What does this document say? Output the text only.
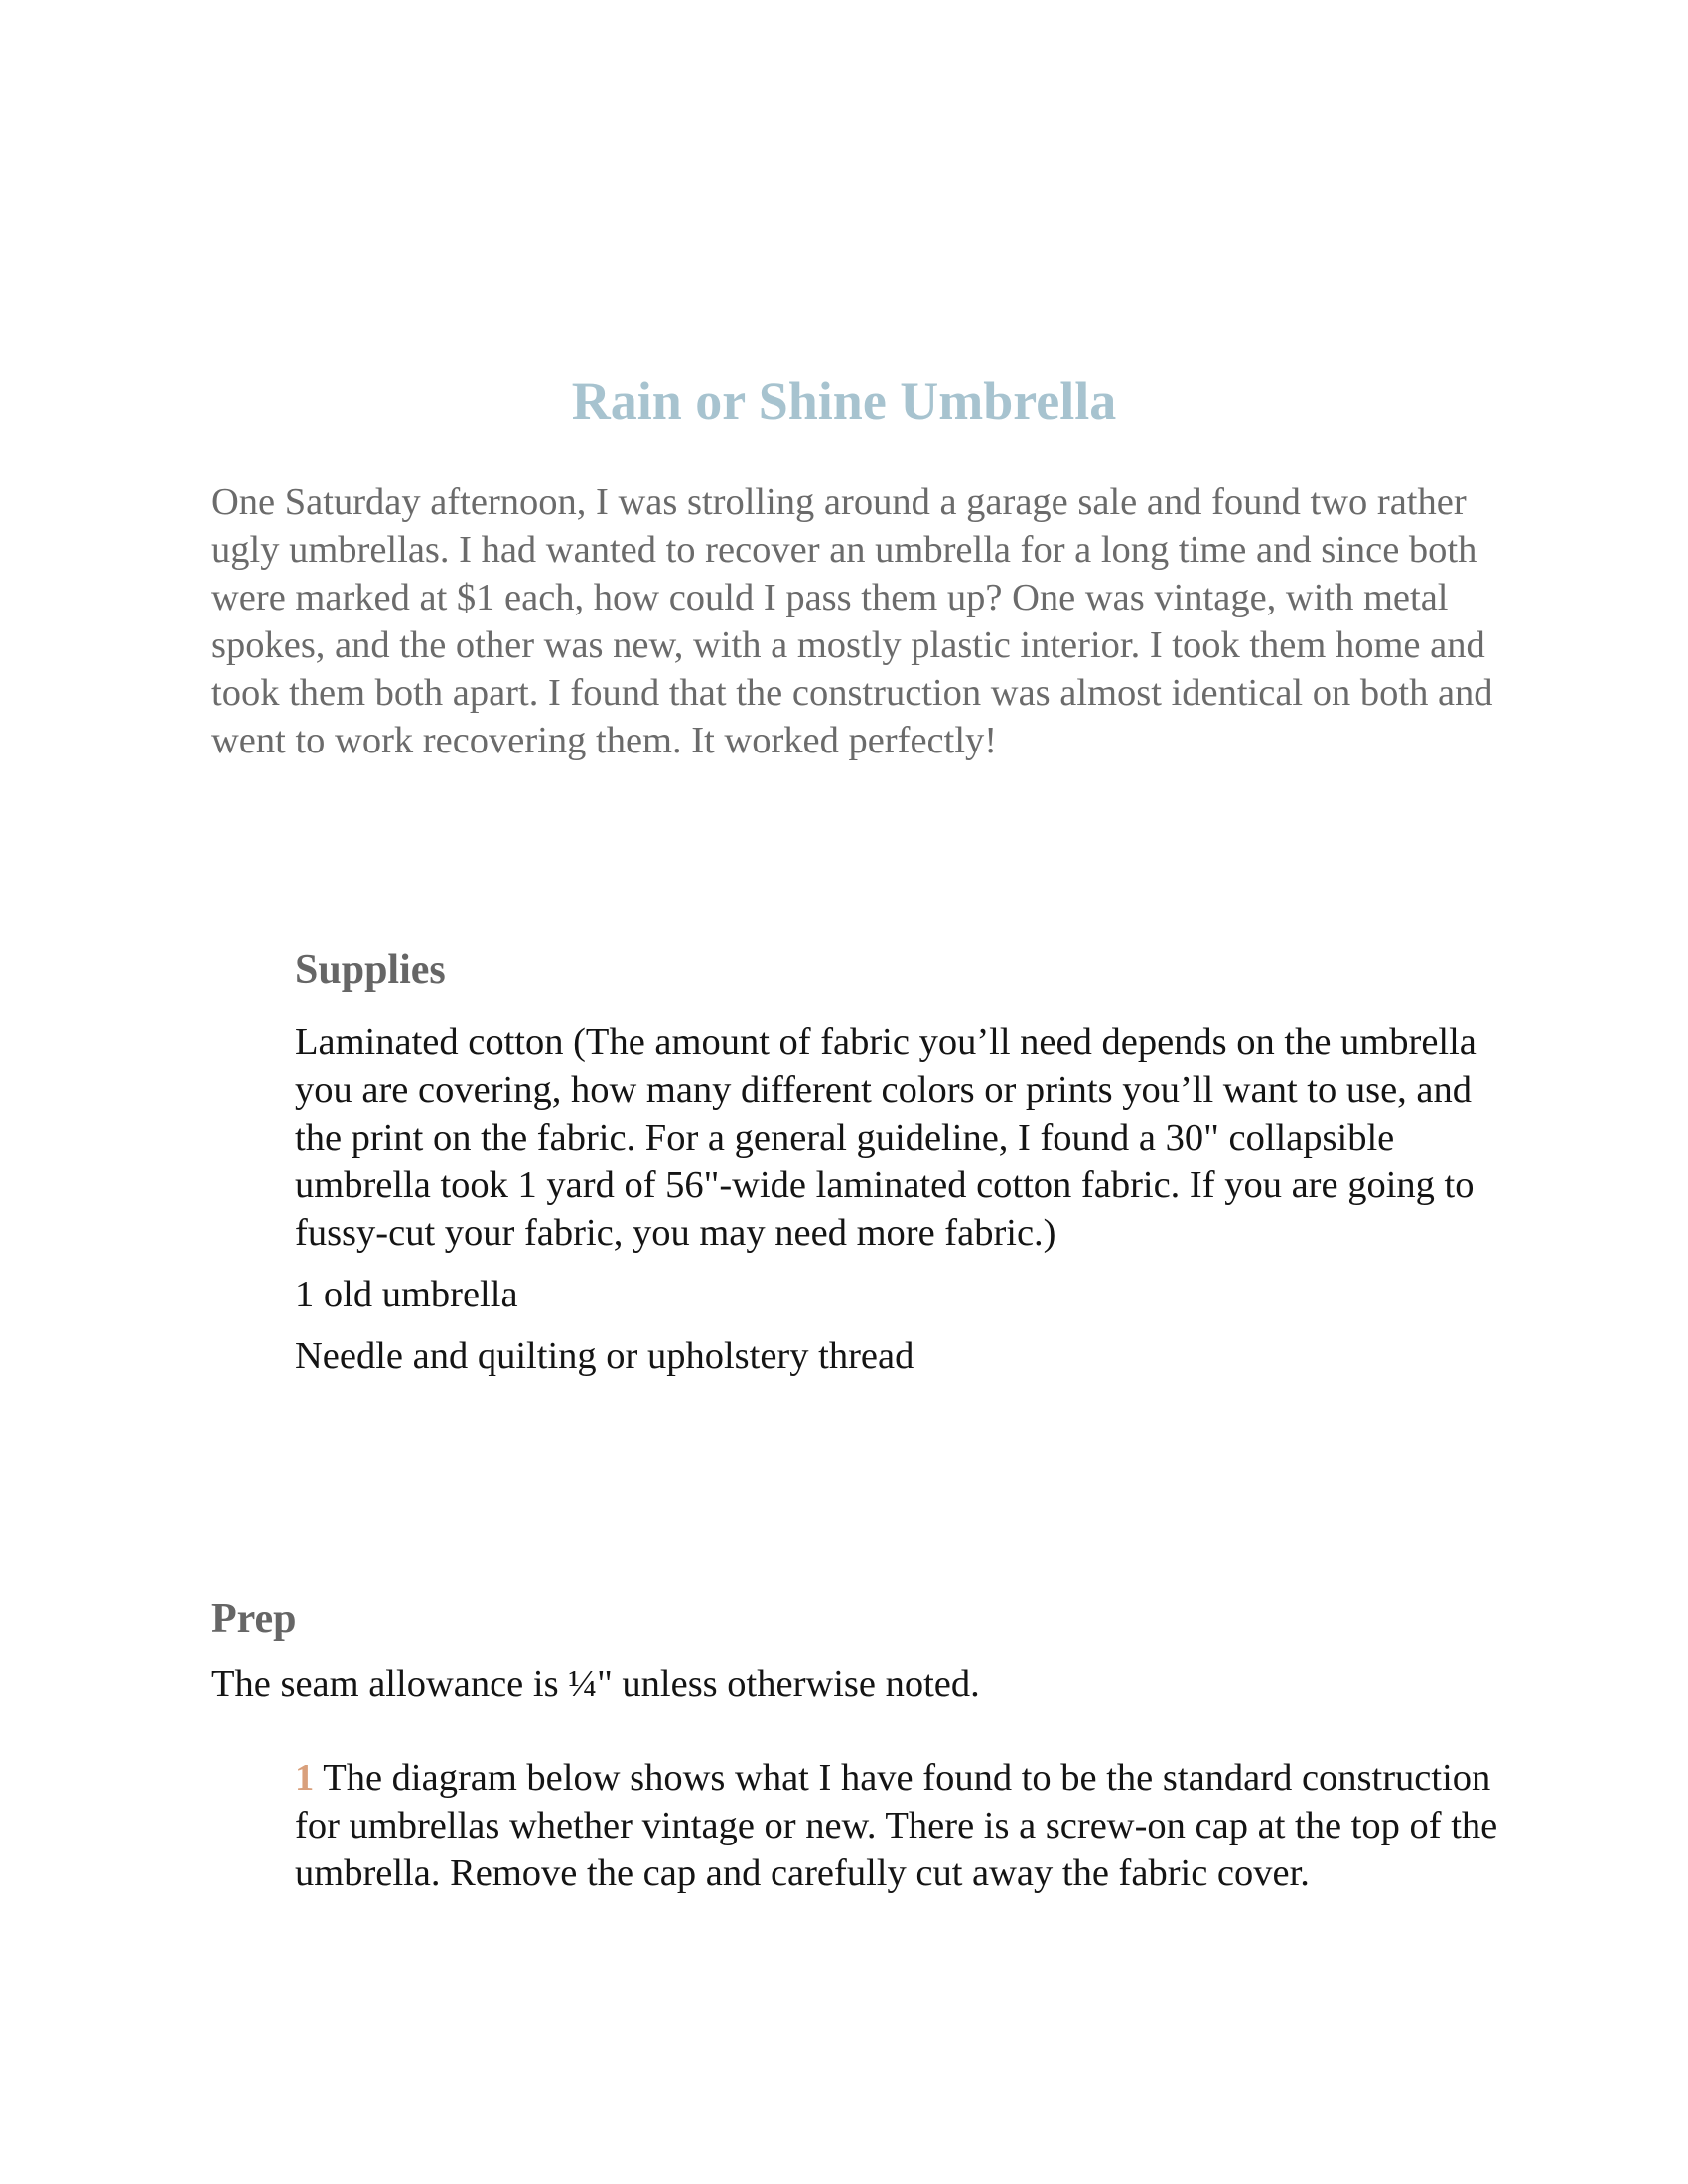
Rain or Shine Umbrella

One Saturday afternoon, I was strolling around a garage sale and found two rather ugly umbrellas. I had wanted to recover an umbrella for a long time and since both were marked at $1 each, how could I pass them up? One was vintage, with metal spokes, and the other was new, with a mostly plastic interior. I took them home and took them both apart. I found that the construction was almost identical on both and went to work recovering them. It worked perfectly!

Supplies
Laminated cotton (The amount of fabric you’ll need depends on the umbrella you are covering, how many different colors or prints you’ll want to use, and the print on the fabric. For a general guideline, I found a 30" collapsible umbrella took 1 yard of 56"-wide laminated cotton fabric. If you are going to fussy-cut your fabric, you may need more fabric.)
1 old umbrella
Needle and quilting or upholstery thread
Prep

The seam allowance is ¼" unless otherwise noted.

1 The diagram below shows what I have found to be the standard construction for umbrellas whether vintage or new. There is a screw-on cap at the top of the umbrella. Remove the cap and carefully cut away the fabric cover.
